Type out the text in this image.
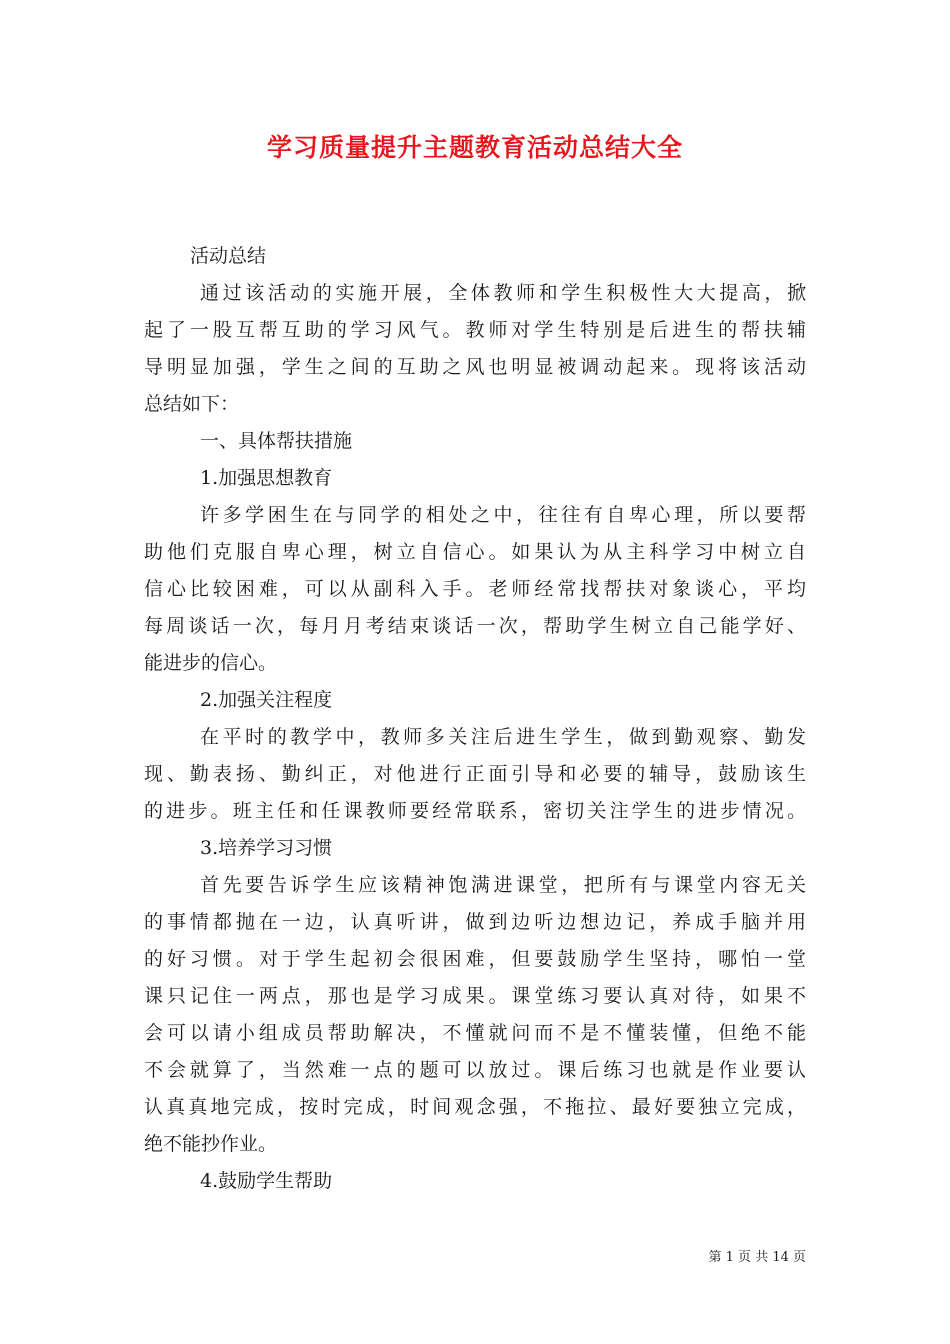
学习质量提升主题教育活动总结大全

活动总结

通过该活动的实施开展，全体教师和学生积极性大大提高，掀

起了一股互帮互助的学习风气。教师对学生特别是后进生的帮扶辅

导明显加强，学生之间的互助之风也明显被调动起来。现将该活动

总结如下：

一、具体帮扶措施

1.加强思想教育

许多学困生在与同学的相处之中，往往有自卑心理，所以要帮

助他们克服自卑心理，树立自信心。如果认为从主科学习中树立自

信心比较困难，可以从副科入手。老师经常找帮扶对象谈心，平均

每周谈话一次，每月月考结束谈话一次，帮助学生树立自己能学好、

能进步的信心。

2.加强关注程度

在平时的教学中，教师多关注后进生学生，做到勤观察、勤发

现、勤表扬、勤纠正，对他进行正面引导和必要的辅导，鼓励该生

的进步。班主任和任课教师要经常联系，密切关注学生的进步情况。

3.培养学习习惯

首先要告诉学生应该精神饱满进课堂，把所有与课堂内容无关

的事情都抛在一边，认真听讲，做到边听边想边记，养成手脑并用

的好习惯。对于学生起初会很困难，但要鼓励学生坚持，哪怕一堂

课只记住一两点，那也是学习成果。课堂练习要认真对待，如果不

会可以请小组成员帮助解决，不懂就问而不是不懂装懂，但绝不能

不会就算了，当然难一点的题可以放过。课后练习也就是作业要认

认真真地完成，按时完成，时间观念强，不拖拉、最好要独立完成，

绝不能抄作业。

4.鼓励学生帮助

第 1 页 共 14 页
